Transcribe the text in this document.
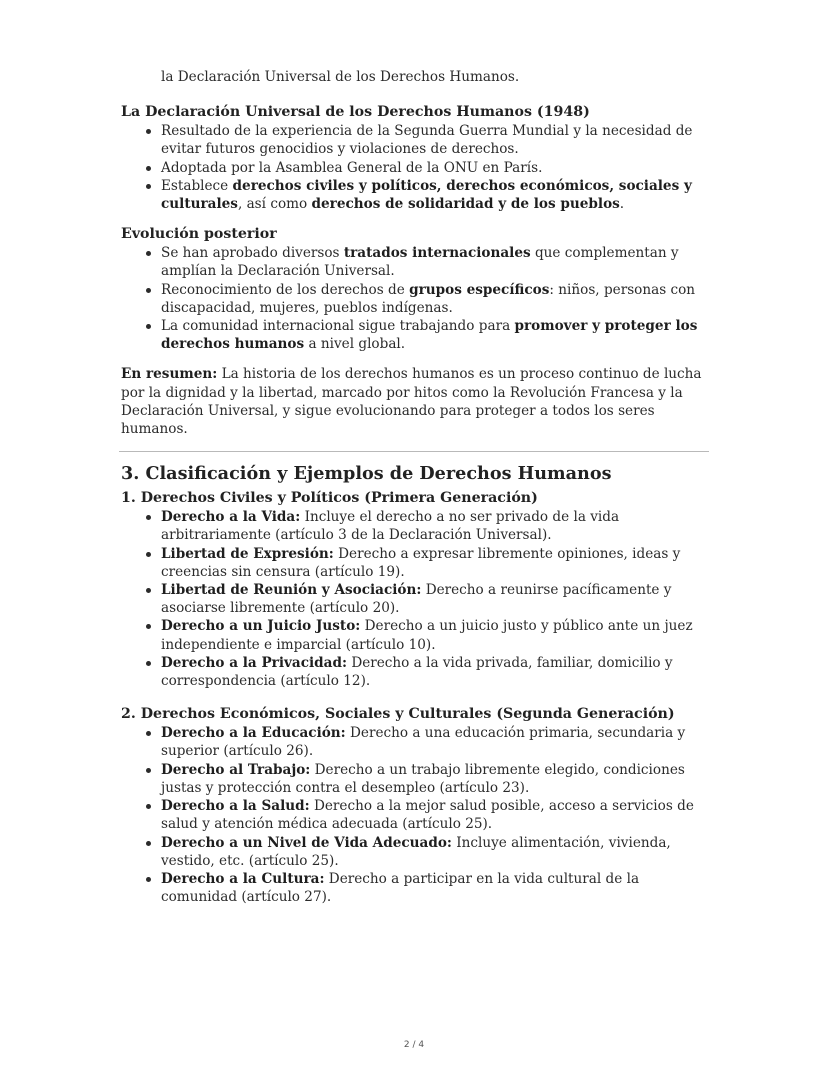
la Declaración Universal de los Derechos Humanos.

La Declaración Universal de los Derechos Humanos (1948)
Resultado de la experiencia de la Segunda Guerra Mundial y la necesidad de evitar futuros genocidios y violaciones de derechos.
Adoptada por la Asamblea General de la ONU en París.
Establece derechos civiles y políticos, derechos económicos, sociales y culturales, así como derechos de solidaridad y de los pueblos.
Evolución posterior
Se han aprobado diversos tratados internacionales que complementan y amplían la Declaración Universal.
Reconocimiento de los derechos de grupos específicos: niños, personas con discapacidad, mujeres, pueblos indígenas.
La comunidad internacional sigue trabajando para promover y proteger los derechos humanos a nivel global.

En resumen: La historia de los derechos humanos es un proceso continuo de lucha por la dignidad y la libertad, marcado por hitos como la Revolución Francesa y la Declaración Universal, y sigue evolucionando para proteger a todos los seres humanos.

3. Clasificación y Ejemplos de Derechos Humanos
1. Derechos Civiles y Políticos (Primera Generación)
Derecho a la Vida: Incluye el derecho a no ser privado de la vida arbitrariamente (artículo 3 de la Declaración Universal).
Libertad de Expresión: Derecho a expresar libremente opiniones, ideas y creencias sin censura (artículo 19).
Libertad de Reunión y Asociación: Derecho a reunirse pacíficamente y asociarse libremente (artículo 20).
Derecho a un Juicio Justo: Derecho a un juicio justo y público ante un juez independiente e imparcial (artículo 10).
Derecho a la Privacidad: Derecho a la vida privada, familiar, domicilio y correspondencia (artículo 12).
2. Derechos Económicos, Sociales y Culturales (Segunda Generación)
Derecho a la Educación: Derecho a una educación primaria, secundaria y superior (artículo 26).
Derecho al Trabajo: Derecho a un trabajo libremente elegido, condiciones justas y protección contra el desempleo (artículo 23).
Derecho a la Salud: Derecho a la mejor salud posible, acceso a servicios de salud y atención médica adecuada (artículo 25).
Derecho a un Nivel de Vida Adecuado: Incluye alimentación, vivienda, vestido, etc. (artículo 25).
Derecho a la Cultura: Derecho a participar en la vida cultural de la comunidad (artículo 27).
2 / 4
